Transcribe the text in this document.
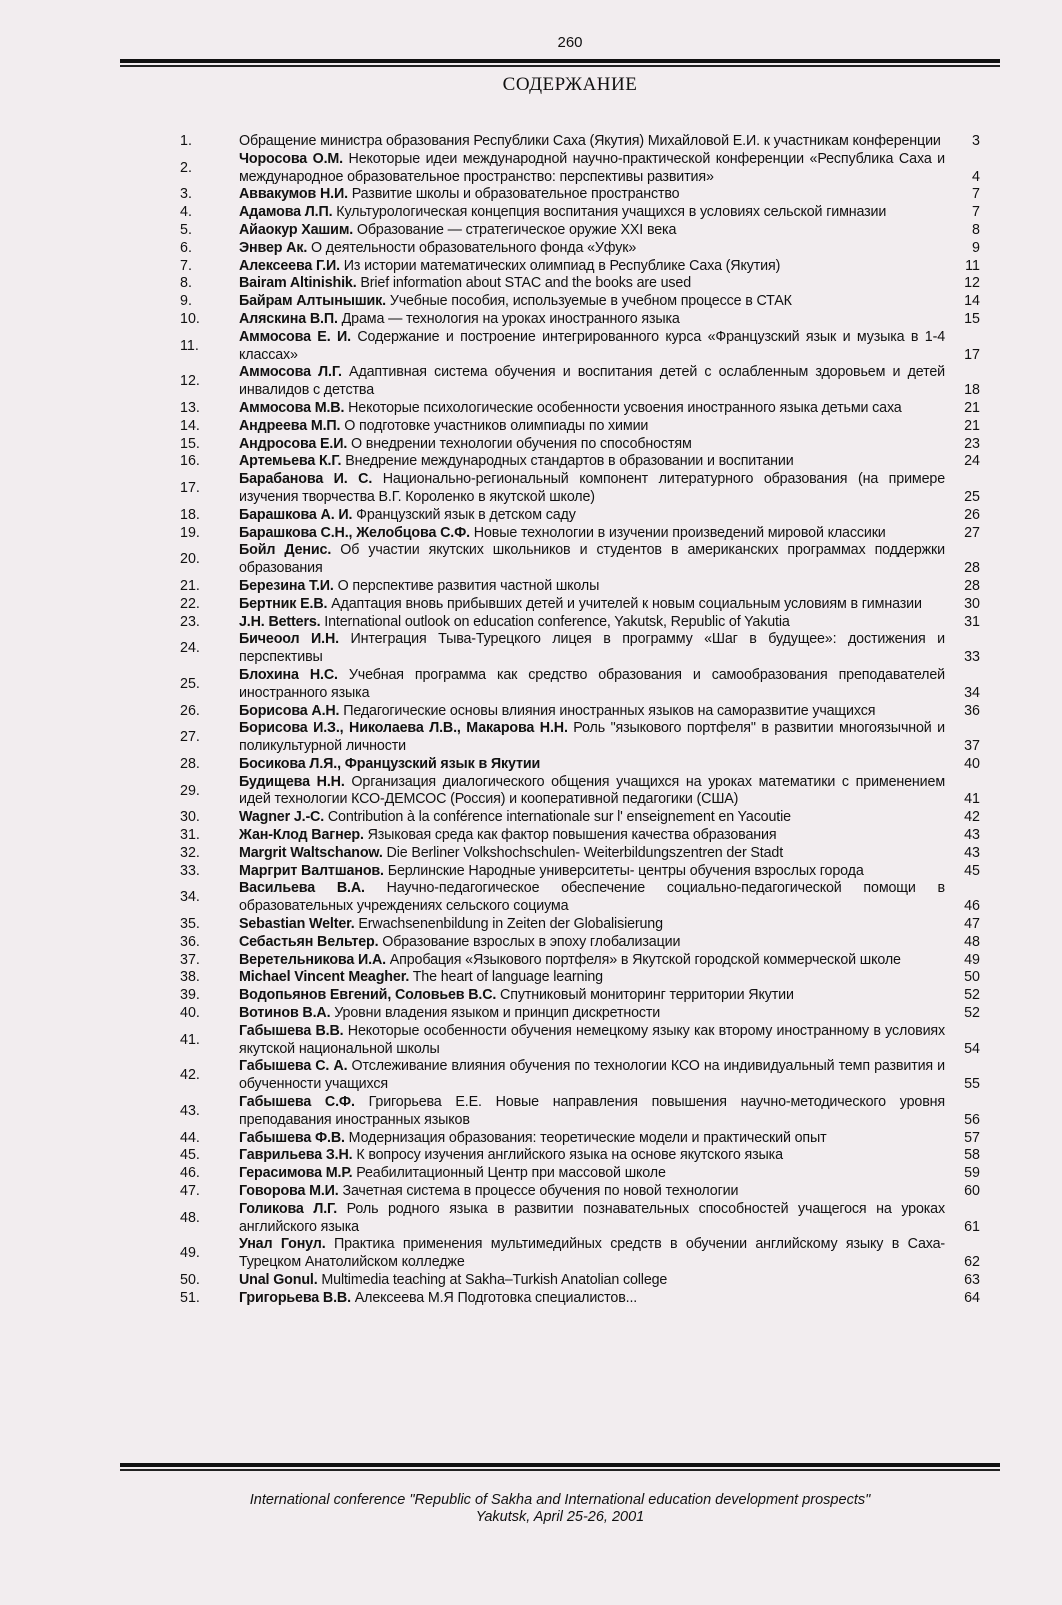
260
СОДЕРЖАНИЕ
1.	Обращение министра образования Республики Саха (Якутия) Михайловой Е.И. к участникам конференции	3
2.
Чоросова О.М. Некоторые идеи международной научно-практической конференции «Республика Саха и международное образовательное пространство: перспективы развития»	4
3.	Аввакумов Н.И. Развитие школы и образовательное пространство	7
4.	Адамова Л.П. Культурологическая концепция воспитания учащихся в условиях сельской гимназии	7
5.	Айаокур Хашим. Образование — стратегическое оружие XXI века	8
6.	Энвер Ак. О деятельности образовательного фонда «Уфук»	9
7.	Алексеева Г.И. Из истории математических олимпиад в Республике Саха (Якутия)	11
8.	Bairam Altinishik. Brief information about STAC and the books are used	12
9.	Байрам Алтынышик. Учебные пособия, используемые в учебном процессе в СТАК	14
10.	Аляскина В.П. Драма — технология на уроках иностранного языка	15
11.
Аммосова Е. И. Содержание и построение интегрированного курса «Французский язык и музыка в 1-4 классах»	17
12.
Аммосова Л.Г. Адаптивная система обучения и воспитания детей с ослабленным здоровьем и детей инвалидов с детства	18
13.	Аммосова М.В. Некоторые психологические особенности усвоения иностранного языка детьми саха	21
14.	Андреева М.П. О подготовке участников олимпиады по химии	21
15.	Андросова Е.И. О внедрении технологии обучения по способностям	23
16.	Артемьева К.Г. Внедрение международных стандартов в образовании и воспитании	24
17.
Барабанова И. С. Национально-региональный компонент литературного образования (на примере изучения творчества В.Г. Короленко в якутской школе)	25
18.	Барашкова А. И. Французский язык в детском саду	26
19.	Барашкова С.Н., Желобцова С.Ф. Новые технологии в изучении произведений мировой классики	27
20.
Бойл Денис. Об участии якутских школьников и студентов в американских программах поддержки образования	28
21.	Березина Т.И. О перспективе развития частной школы	28
22.	Бертник Е.В. Адаптация вновь прибывших детей и учителей к новым социальным условиям в гимназии	30
23.	J.H. Betters. International outlook on education conference, Yakutsk, Republic of Yakutia	31
24.
Бичеоол И.Н. Интеграция Тыва-Турецкого лицея в программу «Шаг в будущее»: достижения и перспективы	33
25.
Блохина Н.С. Учебная программа как средство образования и самообразования преподавателей иностранного языка	34
26.	Борисова А.Н. Педагогические основы влияния иностранных языков на саморазвитие учащихся	36
27.
Борисова И.З., Николаева Л.В., Макарова Н.Н. Роль "языкового портфеля" в развитии многоязычной и поликультурной личности	37
28.	Босикова Л.Я., Французский язык в Якутии	40
29.
Будищева Н.Н. Организация диалогического общения учащихся на уроках математики с применением идей технологии КСО-ДЕМСОС (Россия) и кооперативной педагогики (США)	41
30.	Wagner J.-C. Contribution à la conférence internationale sur l' enseignement en Yacoutie	42
31.	Жан-Клод Вагнер. Языковая среда как фактор повышения качества образования	43
32.	Margrit Waltschanow. Die Berliner Volkshochschulen- Weiterbildungszentren der Stadt	43
33.	Маргрит Валтшанов. Берлинские Народные университеты- центры обучения взрослых города	45
34.
Васильева В.А. Научно-педагогическое обеспечение социально-педагогической помощи в образовательных учреждениях сельского социума	46
35.	Sebastian Welter. Erwachsenenbildung in Zeiten der Globalisierung	47
36.	Себастьян Вельтер. Образование взрослых в эпоху глобализации	48
37.	Веретельникова И.А. Апробация «Языкового портфеля» в Якутской городской коммерческой школе	49
38.	Michael Vincent Meagher. The heart of language learning	50
39.	Водопьянов Евгений, Соловьев В.С. Спутниковый мониторинг территории Якутии	52
40.	Вотинов В.А. Уровни владения языком и принцип дискретности	52
41.
Габышева В.В. Некоторые особенности обучения немецкому языку как второму иностранному в условиях якутской национальной школы	54
42.
Габышева С. А. Отслеживание влияния обучения по технологии КСО на индивидуальный темп развития и обученности учащихся	55
43.
Габышева С.Ф. Григорьева Е.Е. Новые направления повышения научно-методического уровня преподавания иностранных языков	56
44.	Габышева Ф.В. Модернизация образования: теоретические модели и практический опыт	57
45.	Гаврильева З.Н. К вопросу изучения английского языка на основе якутского языка	58
46.	Герасимова М.Р. Реабилитационный Центр при массовой школе	59
47.	Говорова М.И. Зачетная система в процессе обучения по новой технологии	60
48.
Голикова Л.Г. Роль родного языка в развитии познавательных способностей учащегося на уроках английского языка	61
49.
Унал Гонул. Практика применения мультимедийных средств в обучении английскому языку в Саха-Турецком Анатолийском колледже	62
50.	Unal Gonul. Multimedia teaching at Sakha–Turkish Anatolian college	63
51.	Григорьева В.В. Алексеева М.Я Подготовка специалистов...	64
International conference "Republic of Sakha and International education development prospects"
Yakutsk, April 25-26, 2001
